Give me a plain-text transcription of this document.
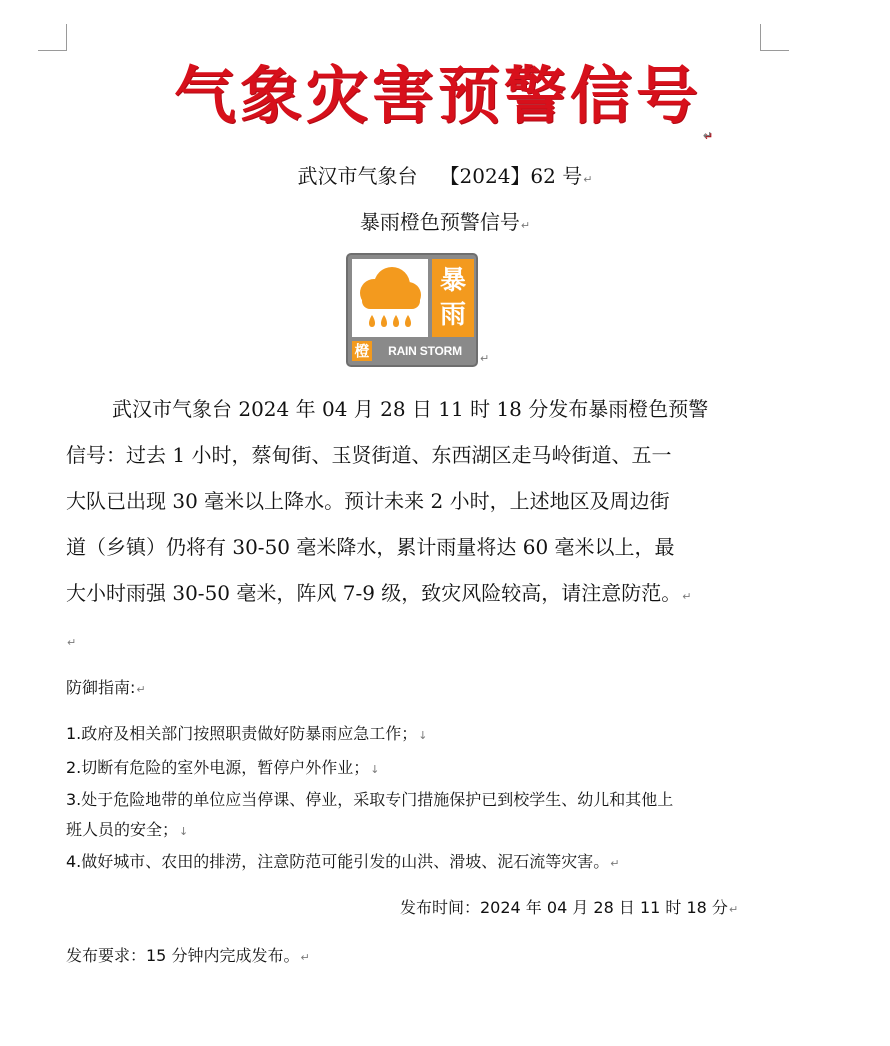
气象灾害预警信号$_↵$
武汉市气象台 【2024】62 号↵
暴雨橙色预警信号↵
暴
雨
橙	RAIN STORM
↵
武汉市气象台 2024 年 04 月 28 日 11 时 18 分发布暴雨橙色预警
信号：过去 1 小时，蔡甸街、玉贤街道、东西湖区走马岭街道、五一
大队已出现 30 毫米以上降水。预计未来 2 小时，上述地区及周边街
道（乡镇）仍将有 30-50 毫米降水，累计雨量将达 60 毫米以上，最
大小时雨强 30-50 毫米，阵风 7-9 级，致灾风险较高，请注意防范。↵
↵
防御指南:↵
1.政府及相关部门按照职责做好防暴雨应急工作；↓
2.切断有危险的室外电源，暂停户外作业；↓
3.处于危险地带的单位应当停课、停业，采取专门措施保护已到校学生、幼儿和其他上
班人员的安全；↓
4.做好城市、农田的排涝，注意防范可能引发的山洪、滑坡、泥石流等灾害。↵
发布时间：2024 年 04 月 28 日 11 时 18 分↵
发布要求：15 分钟内完成发布。↵
